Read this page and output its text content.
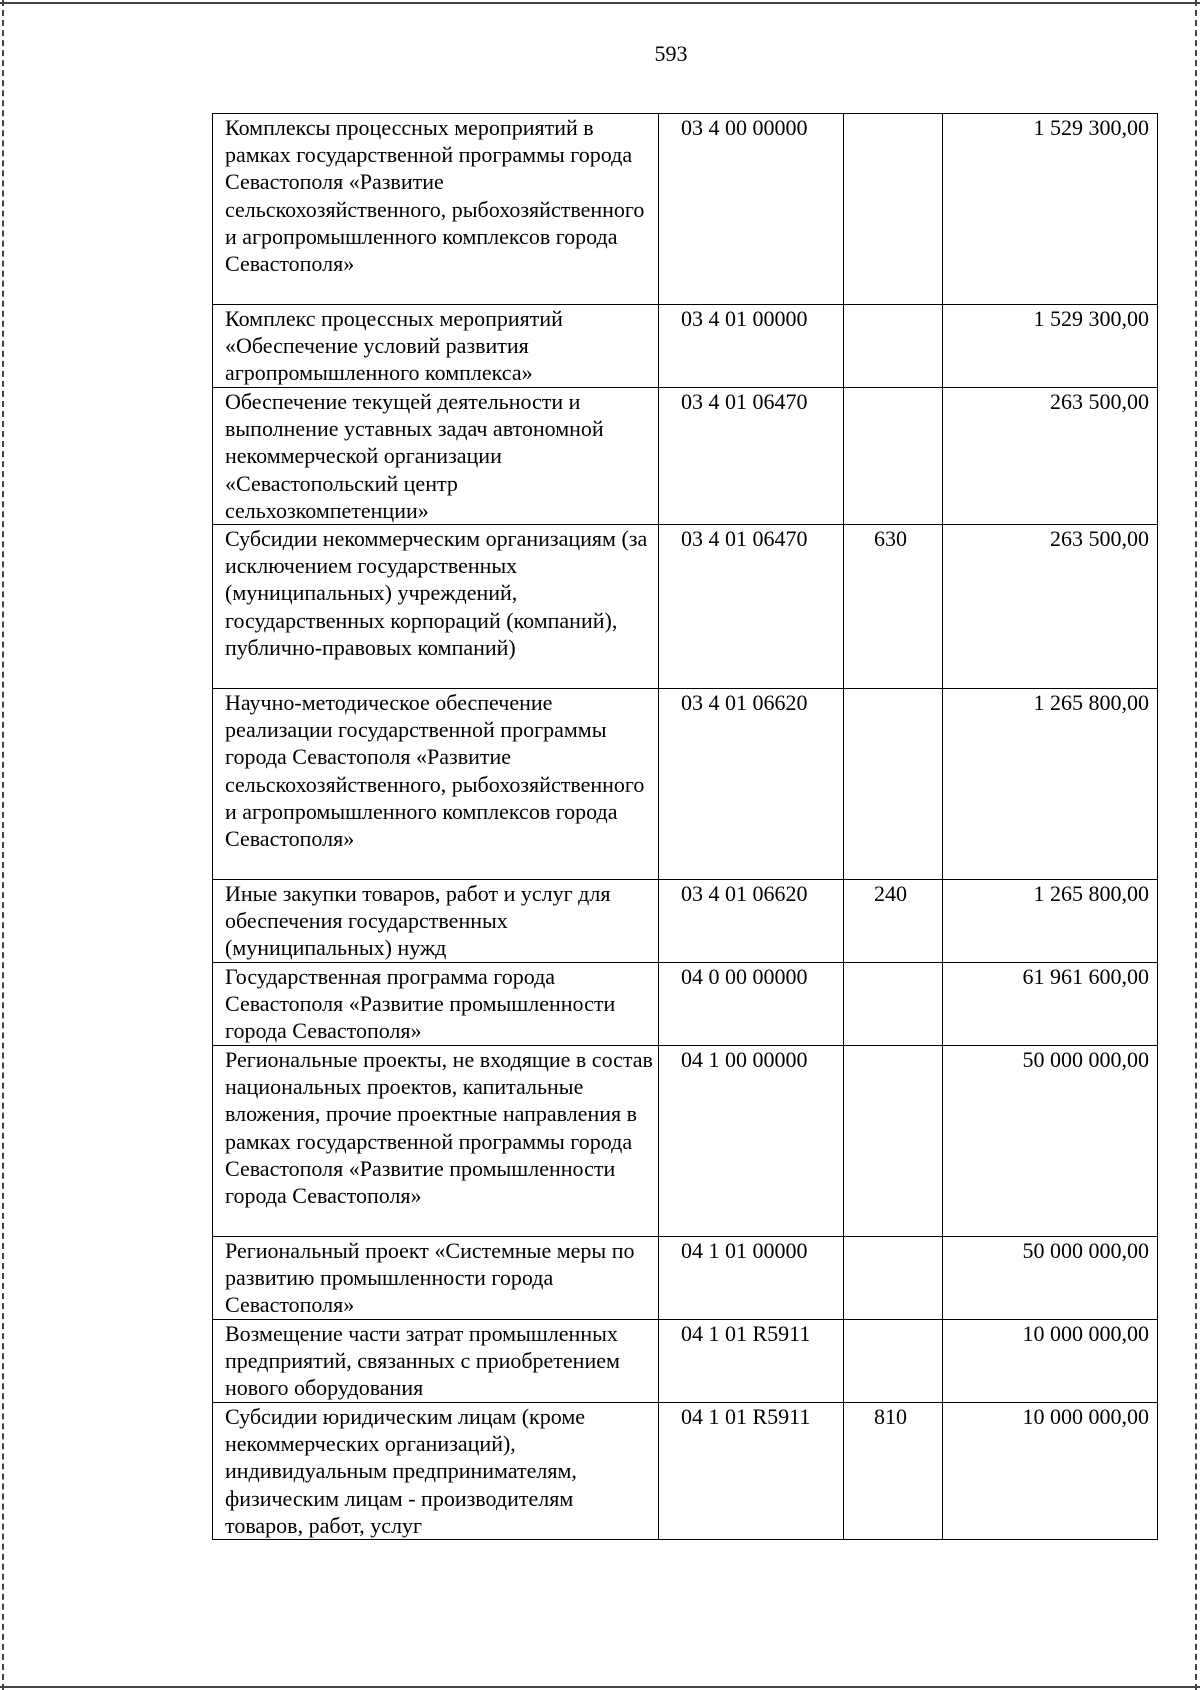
593
Комплексы процессных мероприятий в рамках государственной программы города Севастополя «Развитие сельскохозяйственного, рыбохозяйственного и агропромышленного комплексов города Севастополя»	03 4 00 00000		1 529 300,00
Комплекс процессных мероприятий «Обеспечение условий развития агропромышленного комплекса»	03 4 01 00000		1 529 300,00
Обеспечение текущей деятельности и выполнение уставных задач автономной некоммерческой организации «Севастопольский центр сельхозкомпетенции»	03 4 01 06470		263 500,00
Субсидии некоммерческим организациям (за исключением государственных (муниципальных) учреждений, государственных корпораций (компаний), публично-правовых компаний)	03 4 01 06470	630	263 500,00
Научно-методическое обеспечение реализации государственной программы города Севастополя «Развитие сельскохозяйственного, рыбохозяйственного и агропромышленного комплексов города Севастополя»	03 4 01 06620		1 265 800,00
Иные закупки товаров, работ и услуг для обеспечения государственных (муниципальных) нужд	03 4 01 06620	240	1 265 800,00
Государственная программа города Севастополя «Развитие промышленности города Севастополя»	04 0 00 00000		61 961 600,00
Региональные проекты, не входящие в состав национальных проектов, капитальные вложения, прочие проектные направления в рамках государственной программы города Севастополя «Развитие промышленности города Севастополя»	04 1 00 00000		50 000 000,00
Региональный проект «Системные меры по развитию промышленности города Севастополя»	04 1 01 00000		50 000 000,00
Возмещение части затрат промышленных предприятий, связанных с приобретением нового оборудования	04 1 01 R5911		10 000 000,00
Субсидии юридическим лицам (кроме некоммерческих организаций), индивидуальным предпринимателям, физическим лицам - производителям товаров, работ, услуг	04 1 01 R5911	810	10 000 000,00
